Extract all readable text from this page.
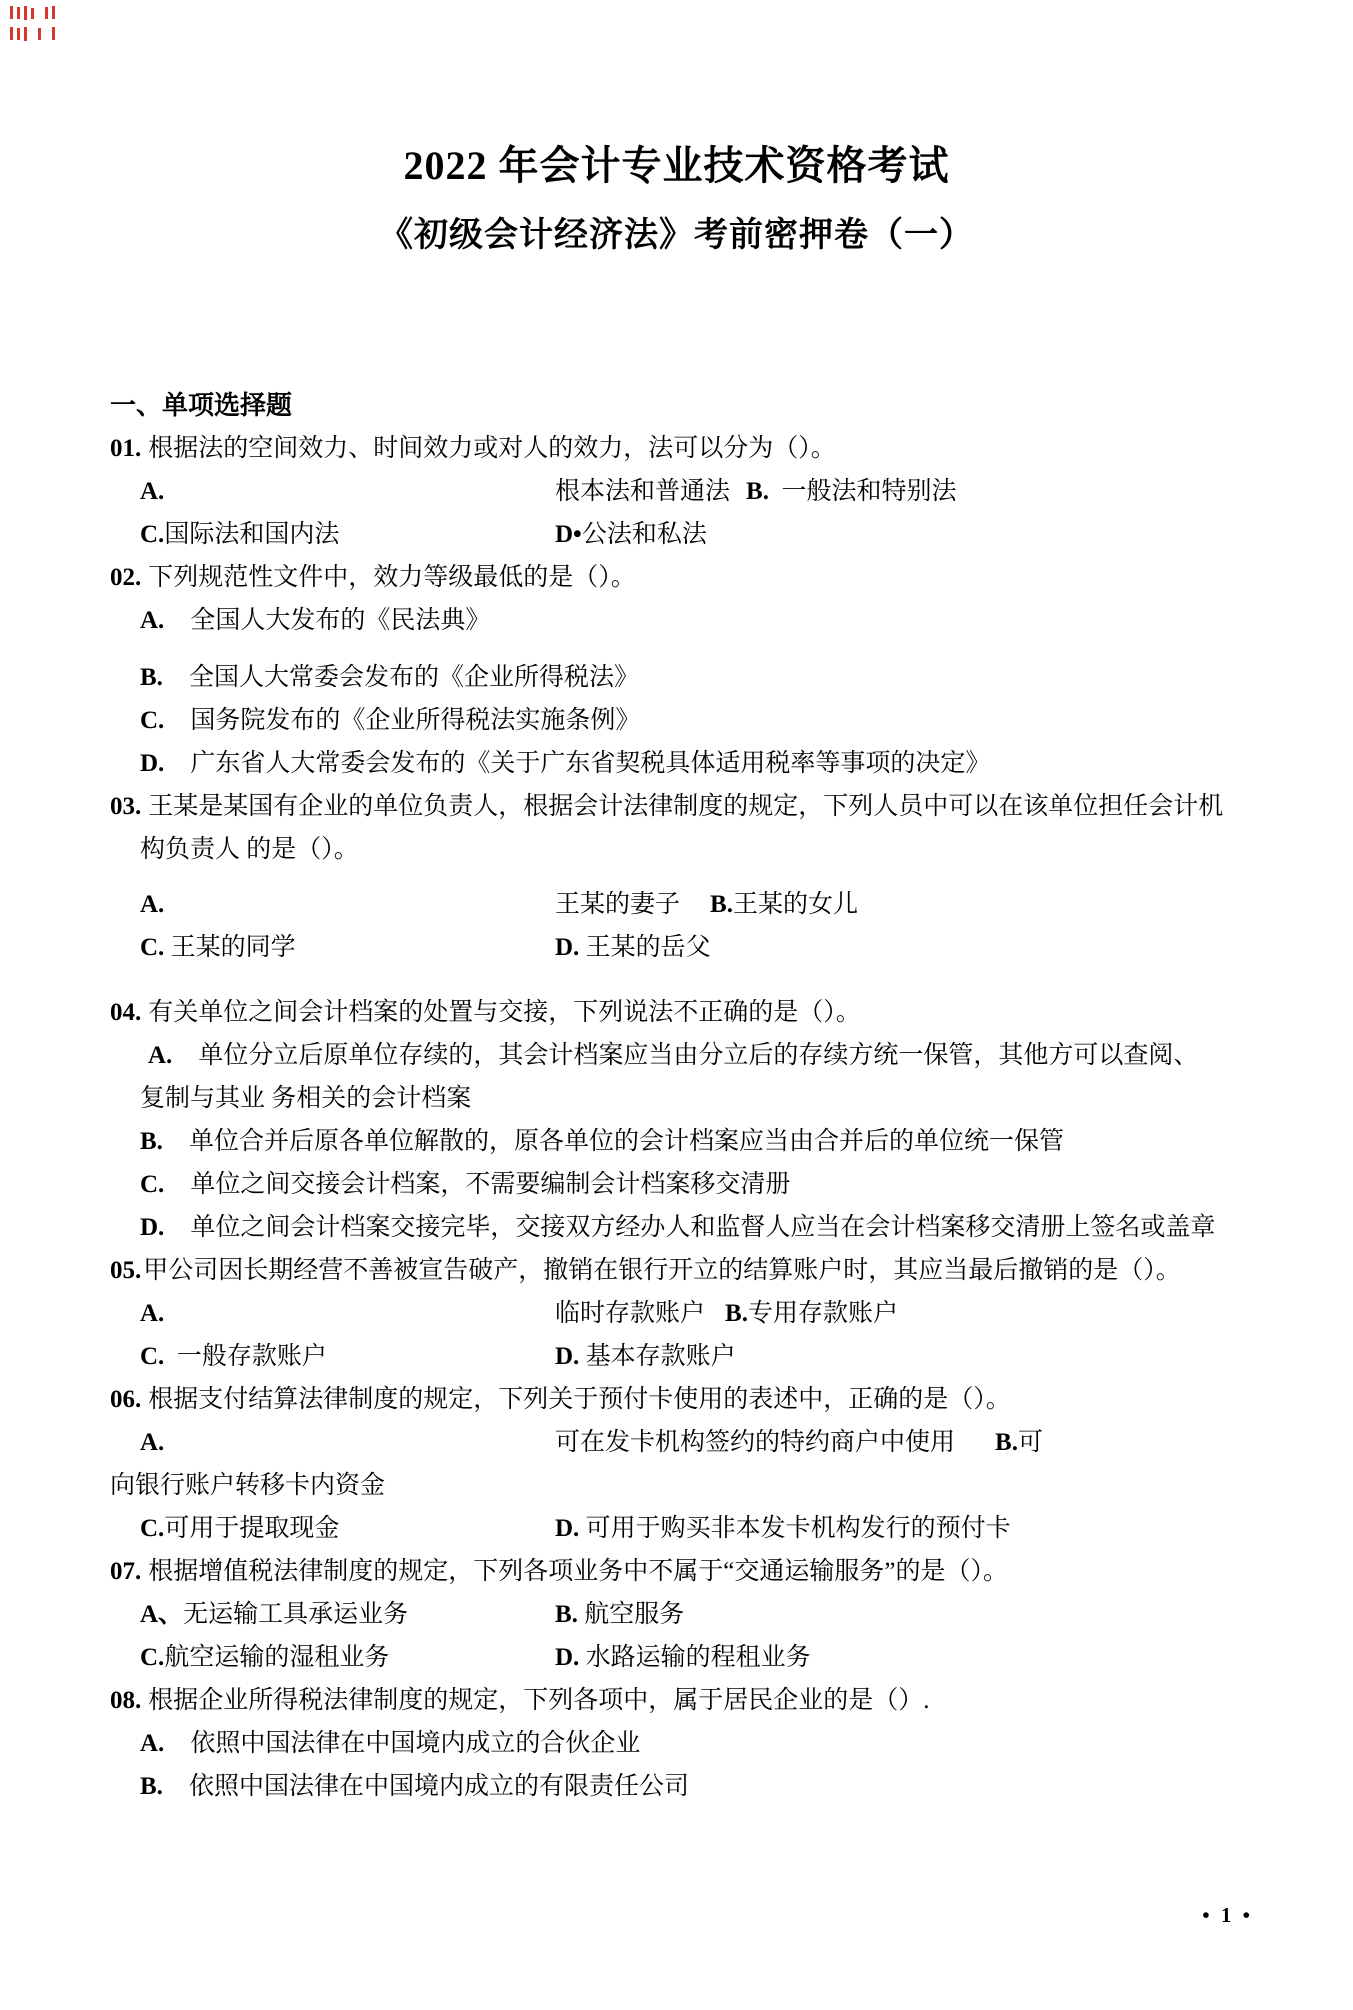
2022 年会计专业技术资格考试
《初级会计经济法》考前密押卷（一）
一、单项选择题
01. 根据法的空间效力、时间效力或对人的效力，法可以分为（）。
A.	根本法和普通法 B. 一般法和特别法
C.国际法和国内法	D• 公法和私法
02. 下列规范性文件中，效力等级最低的是（）。
A. 全国人大发布的《民法典》
B. 全国人大常委会发布的《企业所得税法》
C. 国务院发布的《企业所得税法实施条例》
D. 广东省人大常委会发布的《关于广东省契税具体适用税率等事项的决定》
03. 王某是某国有企业的单位负责人，根据会计法律制度的规定，下列人员中可以在该单位担任会计机
构负责人 的是（）。
A.	王某的妻子 B. 王某的女儿
C. 王某的同学	D. 王某的岳父
04. 有关单位之间会计档案的处置与交接，下列说法不正确的是（）。
A. 单位分立后原单位存续的，其会计档案应当由分立后的存续方统一保管，其他方可以查阅、
复制与其业 务相关的会计档案
B. 单位合并后原各单位解散的，原各单位的会计档案应当由合并后的单位统一保管
C. 单位之间交接会计档案，不需要编制会计档案移交清册
D. 单位之间会计档案交接完毕，交接双方经办人和监督人应当在会计档案移交清册上签名或盖章
05.甲公司因长期经营不善被宣告破产，撤销在银行开立的结算账户时，其应当最后撤销的是（）。
A.	临时存款账户 B. 专用存款账户
C.  一般存款账户	D. 基本存款账户
06. 根据支付结算法律制度的规定，下列关于预付卡使用的表述中，正确的是（）。
A.	可在发卡机构签约的特约商户中使用 B. 可
向银行账户转移卡内资金
C.可用于提取现金	D. 可用于购买非本发卡机构发行的预付卡
07. 根据增值税法律制度的规定，下列各项业务中不属于“交通运输服务”的是（）。
A、无运输工具承运业务	B. 航空服务
C.航空运输的湿租业务	D. 水路运输的程租业务
08. 根据企业所得税法律制度的规定，下列各项中，属于居民企业的是（）.
A. 依照中国法律在中国境内成立的合伙企业
B. 依照中国法律在中国境内成立的有限责任公司
• 1 •
